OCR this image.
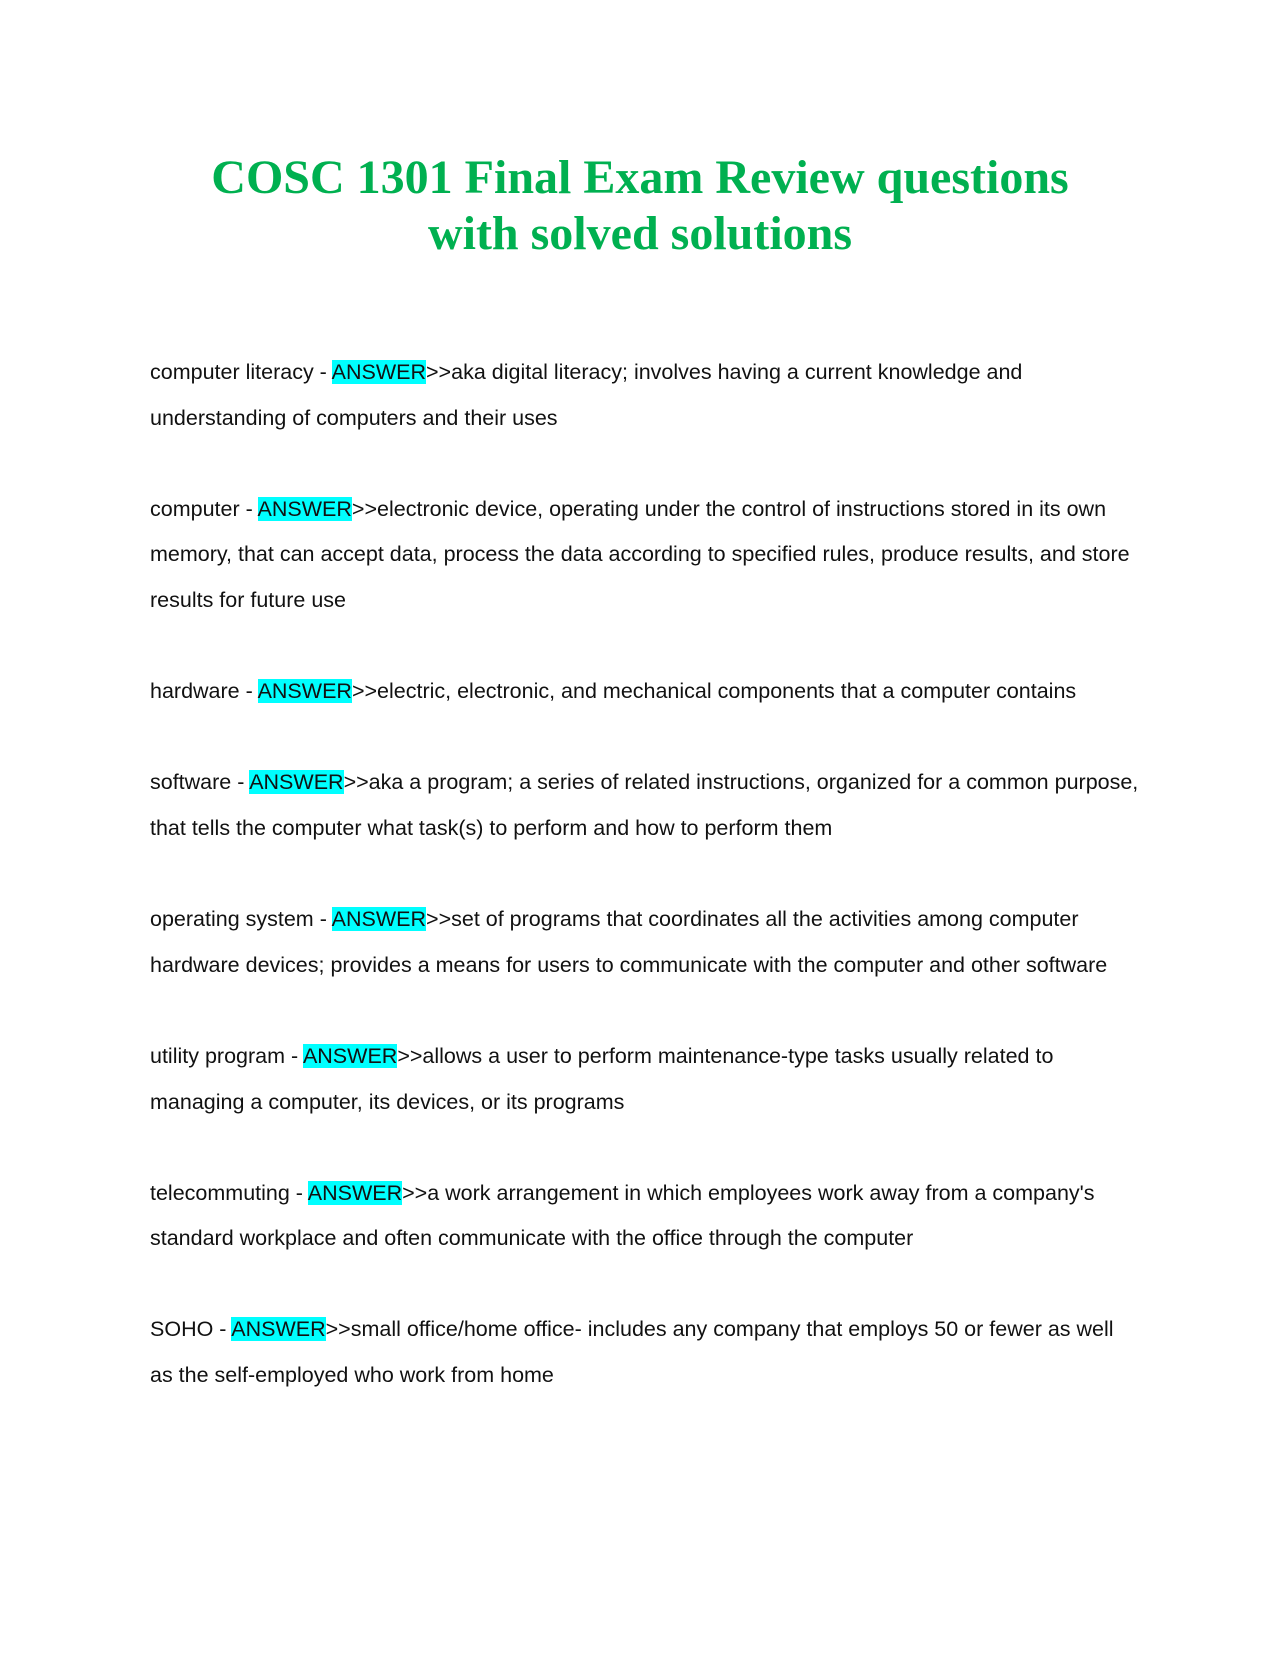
COSC 1301 Final Exam Review questions
with solved solutions

computer literacy - ANSWER>>aka digital literacy; involves having a current knowledge and understanding of computers and their uses

computer - ANSWER>>electronic device, operating under the control of instructions stored in its own memory, that can accept data, process the data according to specified rules, produce results, and store results for future use

hardware - ANSWER>>electric, electronic, and mechanical components that a computer contains

software - ANSWER>>aka a program; a series of related instructions, organized for a common purpose, that tells the computer what task(s) to perform and how to perform them

operating system - ANSWER>>set of programs that coordinates all the activities among computer hardware devices; provides a means for users to communicate with the computer and other software

utility program - ANSWER>>allows a user to perform maintenance-type tasks usually related to managing a computer, its devices, or its programs

telecommuting - ANSWER>>a work arrangement in which employees work away from a company's standard workplace and often communicate with the office through the computer

SOHO - ANSWER>>small office/home office- includes any company that employs 50 or fewer as well as the self-employed who work from home
